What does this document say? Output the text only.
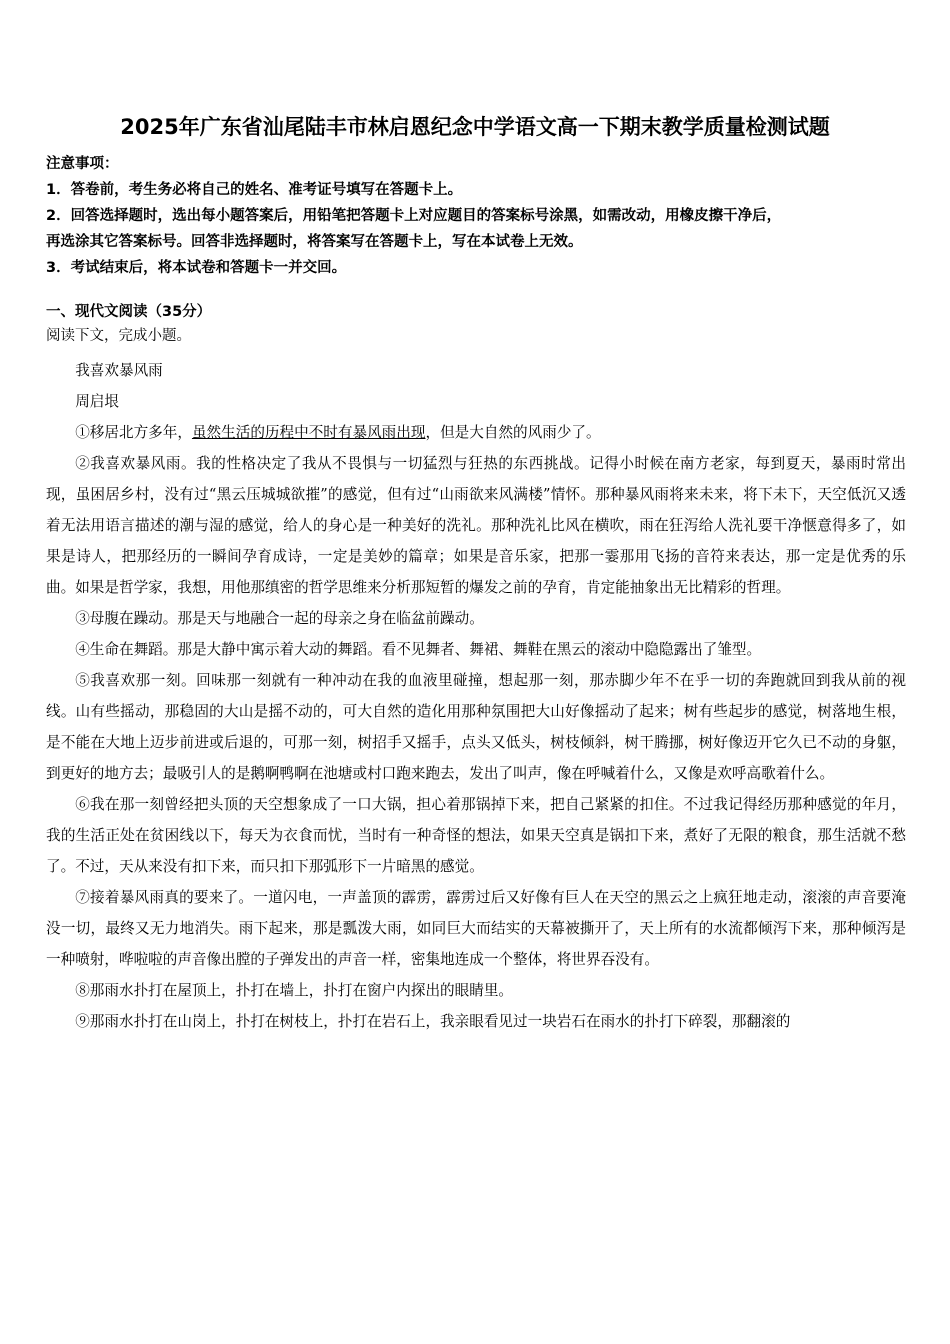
2025年广东省汕尾陆丰市林启恩纪念中学语文高一下期末教学质量检测试题
注意事项：
1．答卷前，考生务必将自己的姓名、准考证号填写在答题卡上。
2．回答选择题时，选出每小题答案后，用铅笔把答题卡上对应题目的答案标号涂黑，如需改动，用橡皮擦干净后，
再选涂其它答案标号。回答非选择题时，将答案写在答题卡上，写在本试卷上无效。
3．考试结束后，将本试卷和答题卡一并交回。
一、现代文阅读（35分）
阅读下文，完成小题。

我喜欢暴风雨

周启垠

①移居北方多年，虽然生活的历程中不时有暴风雨出现，但是大自然的风雨少了。

②我喜欢暴风雨。我的性格决定了我从不畏惧与一切猛烈与狂热的东西挑战。记得小时候在南方老家，每到夏天，暴雨时常出现，虽困居乡村，没有过“黑云压城城欲摧”的感觉，但有过“山雨欲来风满楼”情怀。那种暴风雨将来未来，将下未下，天空低沉又透着无法用语言描述的潮与湿的感觉，给人的身心是一种美好的洗礼。那种洗礼比风在横吹，雨在狂泻给人洗礼要干净惬意得多了，如果是诗人，把那经历的一瞬间孕育成诗，一定是美妙的篇章；如果是音乐家，把那一霎那用飞扬的音符来表达，那一定是优秀的乐曲。如果是哲学家，我想，用他那缜密的哲学思维来分析那短暂的爆发之前的孕育，肯定能抽象出无比精彩的哲理。

③母腹在躁动。那是天与地融合一起的母亲之身在临盆前躁动。

④生命在舞蹈。那是大静中寓示着大动的舞蹈。看不见舞者、舞裙、舞鞋在黑云的滚动中隐隐露出了雏型。

⑤我喜欢那一刻。回味那一刻就有一种冲动在我的血液里碰撞，想起那一刻，那赤脚少年不在乎一切的奔跑就回到我从前的视线。山有些摇动，那稳固的大山是摇不动的，可大自然的造化用那种氛围把大山好像摇动了起来；树有些起步的感觉，树落地生根，是不能在大地上迈步前进或后退的，可那一刻，树招手又摇手，点头又低头，树枝倾斜，树干腾挪，树好像迈开它久已不动的身躯，到更好的地方去；最吸引人的是鹅啊鸭啊在池塘或村口跑来跑去，发出了叫声，像在呼喊着什么，又像是欢呼高歌着什么。

⑥我在那一刻曾经把头顶的天空想象成了一口大锅，担心着那锅掉下来，把自己紧紧的扣住。不过我记得经历那种感觉的年月，我的生活正处在贫困线以下，每天为衣食而忧，当时有一种奇怪的想法，如果天空真是锅扣下来，煮好了无限的粮食，那生活就不愁了。不过，天从来没有扣下来，而只扣下那弧形下一片暗黑的感觉。

⑦接着暴风雨真的要来了。一道闪电，一声盖顶的霹雳，霹雳过后又好像有巨人在天空的黑云之上疯狂地走动，滚滚的声音要淹没一切，最终又无力地消失。雨下起来，那是瓢泼大雨，如同巨大而结实的天幕被撕开了，天上所有的水流都倾泻下来，那种倾泻是一种喷射，哗啦啦的声音像出膛的子弹发出的声音一样，密集地连成一个整体，将世界吞没有。

⑧那雨水扑打在屋顶上，扑打在墙上，扑打在窗户内探出的眼睛里。

⑨那雨水扑打在山岗上，扑打在树枝上，扑打在岩石上，我亲眼看见过一块岩石在雨水的扑打下碎裂，那翻滚的
